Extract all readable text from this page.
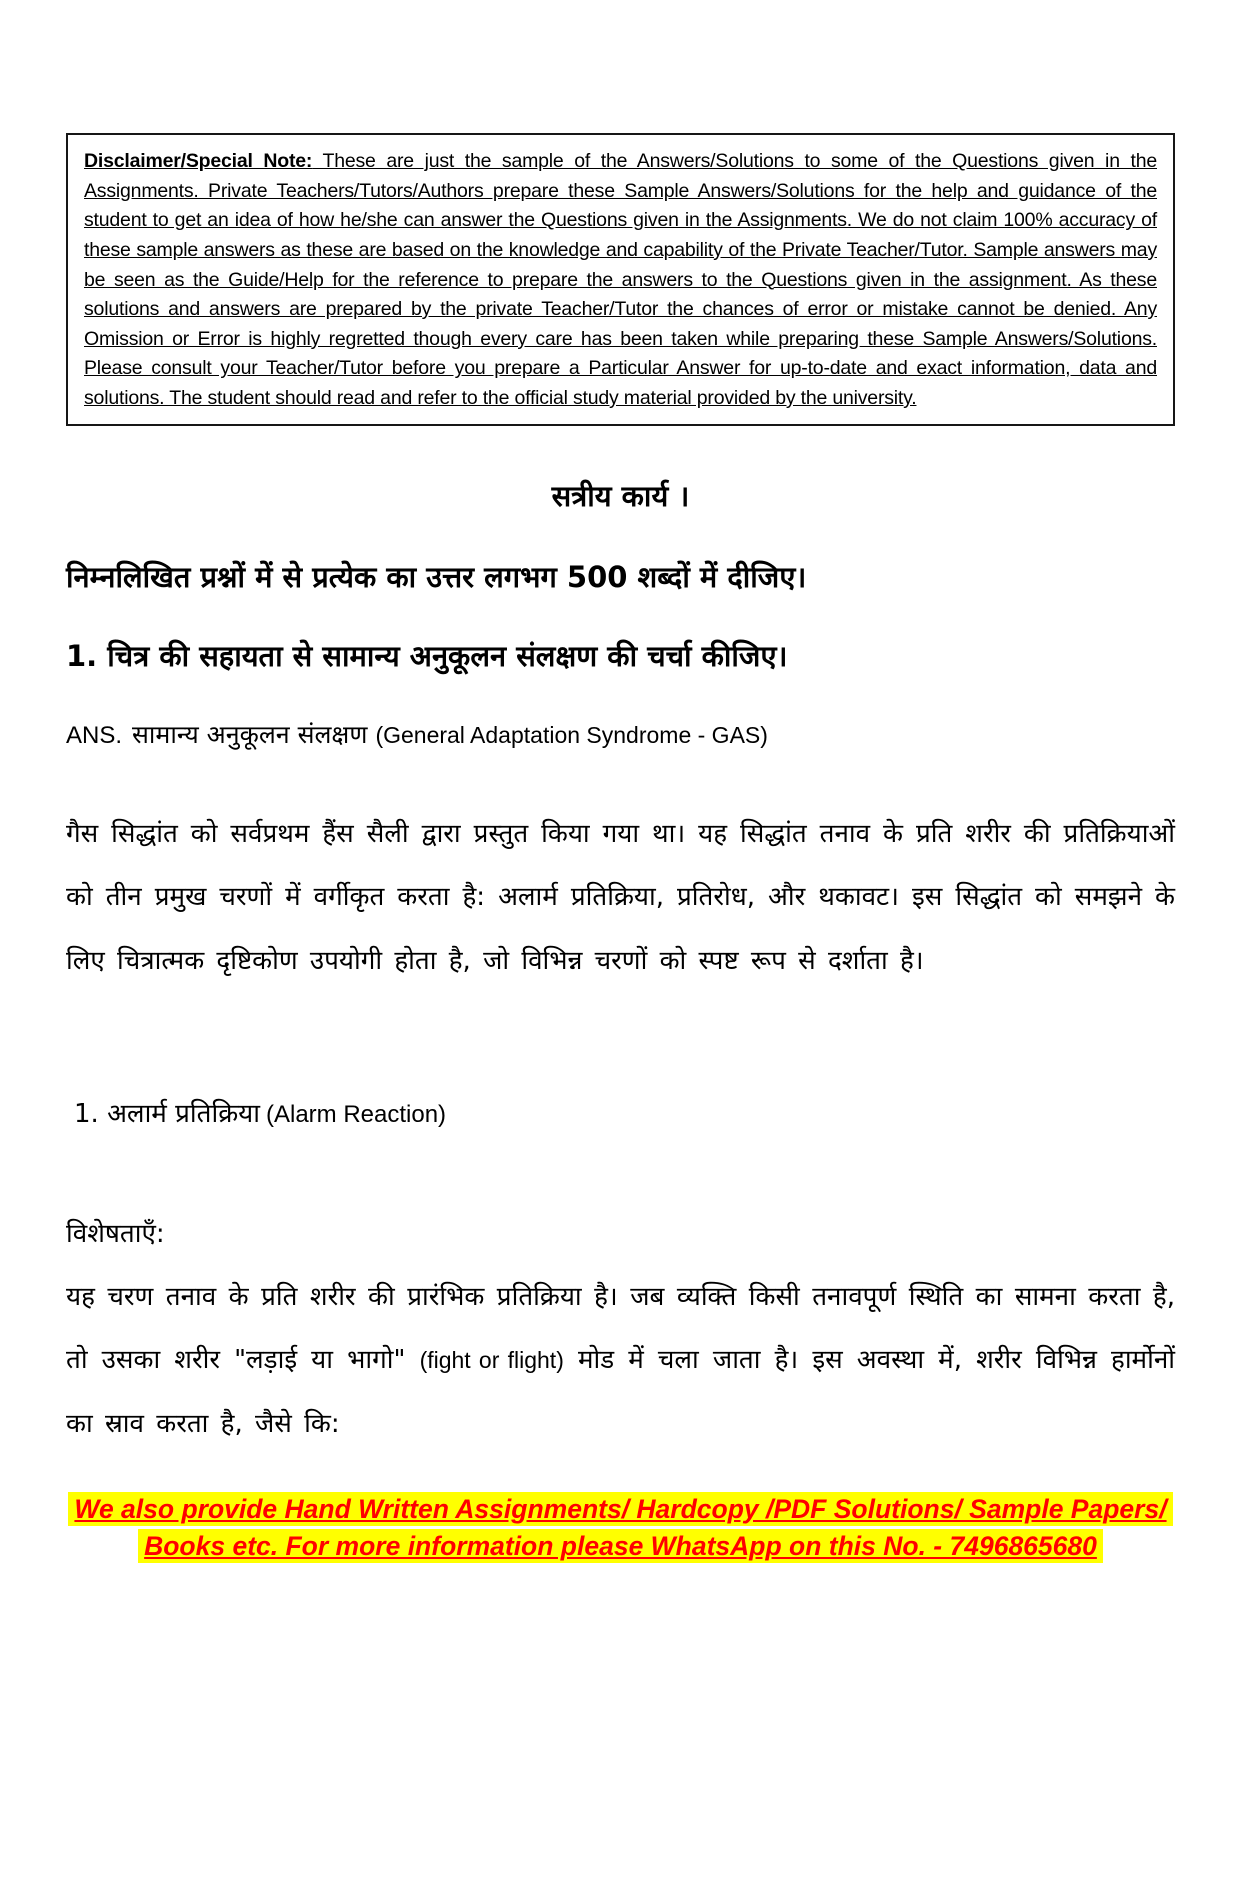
Disclaimer/Special Note: These are just the sample of the Answers/Solutions to some of the Questions given in the Assignments. Private Teachers/Tutors/Authors prepare these Sample Answers/Solutions for the help and guidance of the student to get an idea of how he/she can answer the Questions given in the Assignments. We do not claim 100% accuracy of these sample answers as these are based on the knowledge and capability of the Private Teacher/Tutor. Sample answers may be seen as the Guide/Help for the reference to prepare the answers to the Questions given in the assignment. As these solutions and answers are prepared by the private Teacher/Tutor the chances of error or mistake cannot be denied. Any Omission or Error is highly regretted though every care has been taken while preparing these Sample Answers/Solutions. Please consult your Teacher/Tutor before you prepare a Particular Answer for up-to-date and exact information, data and solutions. The student should read and refer to the official study material provided by the university.

सत्रीय कार्य ।

निम्नलिखित प्रश्नों में से प्रत्येक का उत्तर लगभग 500 शब्दों में दीजिए।

1. चित्र की सहायता से सामान्य अनुकूलन संलक्षण की चर्चा कीजिए।

ANS. सामान्य अनुकूलन संलक्षण (General Adaptation Syndrome - GAS)

गैस सिद्धांत को सर्वप्रथम हैंस सैली द्वारा प्रस्तुत किया गया था। यह सिद्धांत तनाव के प्रति शरीर की प्रतिक्रियाओं को तीन प्रमुख चरणों में वर्गीकृत करता है: अलार्म प्रतिक्रिया, प्रतिरोध, और थकावट। इस सिद्धांत को समझने के लिए चित्रात्मक दृष्टिकोण उपयोगी होता है, जो विभिन्न चरणों को स्पष्ट रूप से दर्शाता है।

1. अलार्म प्रतिक्रिया (Alarm Reaction)

विशेषताएँ:

यह चरण तनाव के प्रति शरीर की प्रारंभिक प्रतिक्रिया है। जब व्यक्ति किसी तनावपूर्ण स्थिति का सामना करता है, तो उसका शरीर "लड़ाई या भागो" (fight or flight) मोड में चला जाता है। इस अवस्था में, शरीर विभिन्न हार्मोनों का स्राव करता है, जैसे कि:

We also provide Hand Written Assignments/ Hardcopy /PDF Solutions/ Sample Papers/
Books etc. For more information please WhatsApp on this No. - 7496865680
